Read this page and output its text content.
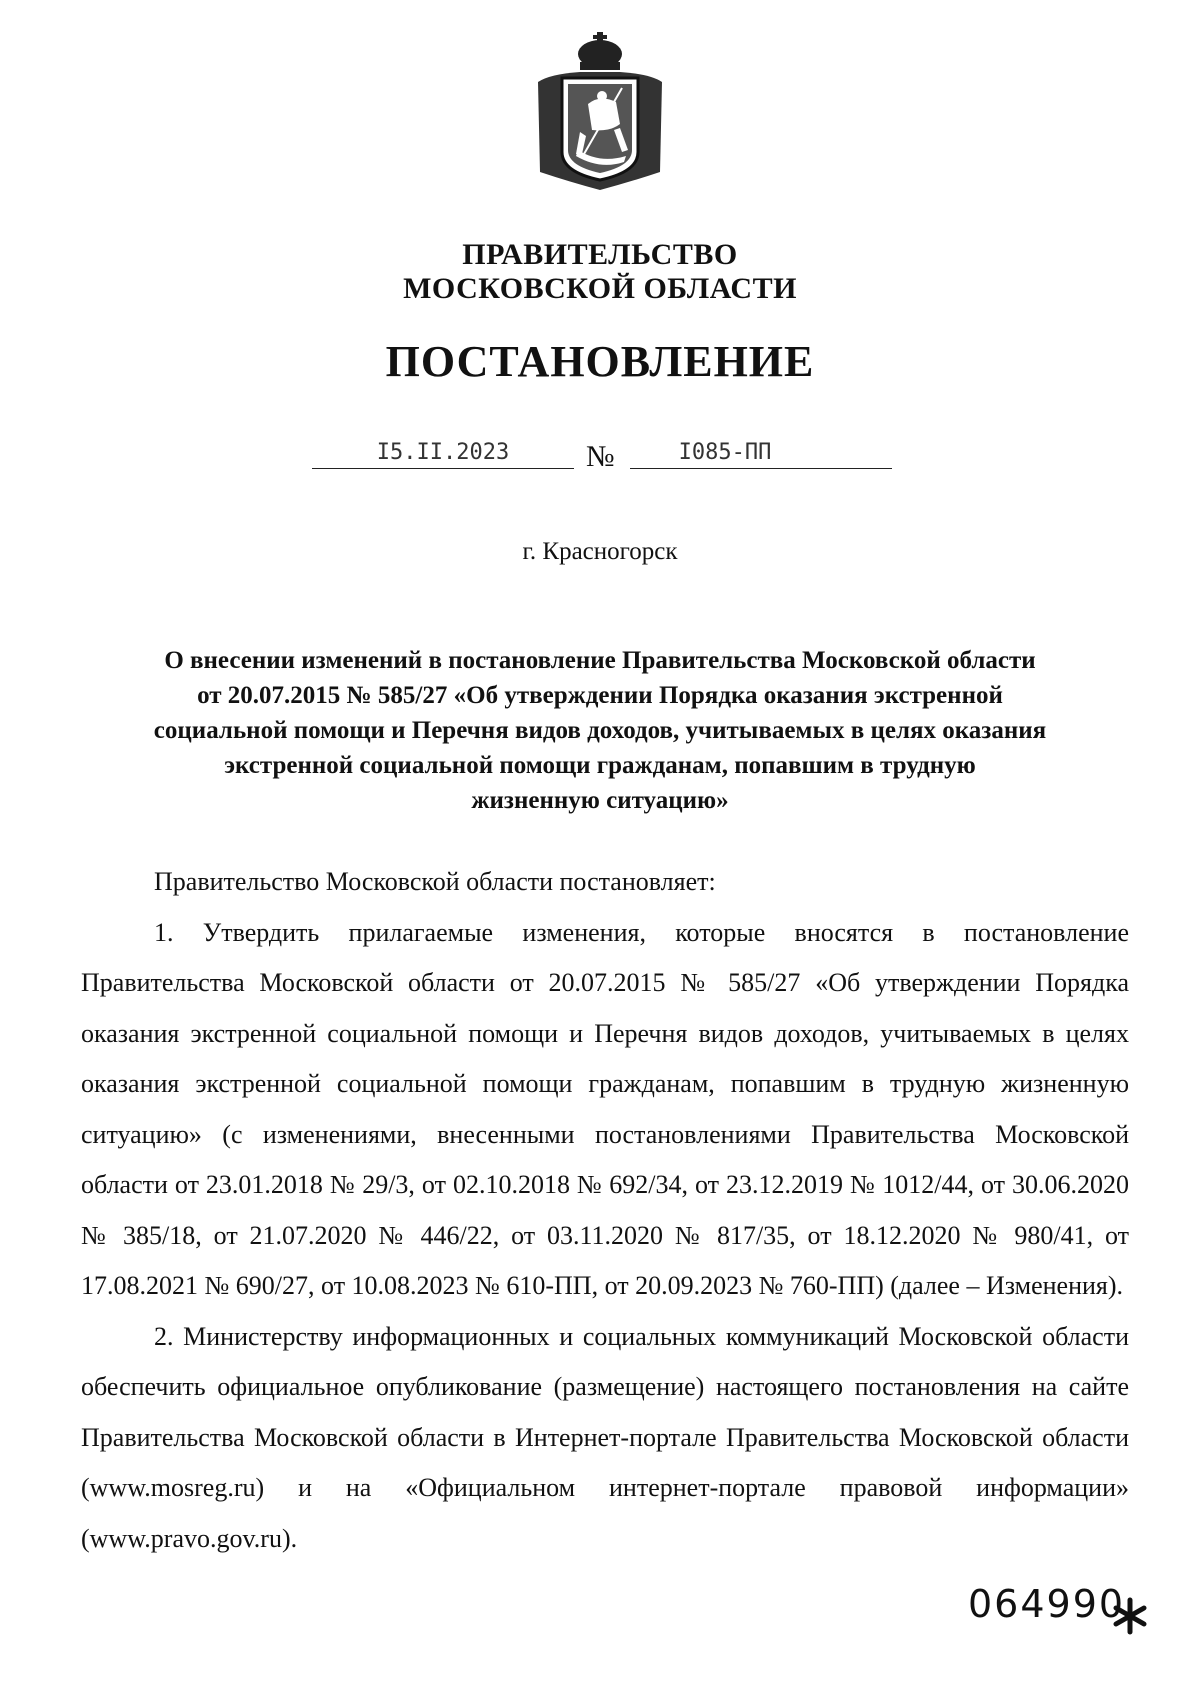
ПРАВИТЕЛЬСТВО
МОСКОВСКОЙ ОБЛАСТИ
ПОСТАНОВЛЕНИЕ
I5.II.2023	№	I085-ПП
г. Красногорск

О внесении изменений в постановление Правительства Московской области

от 20.07.2015 № 585/27 «Об утверждении Порядка оказания экстренной

социальной помощи и Перечня видов доходов, учитываемых в целях оказания

экстренной социальной помощи гражданам, попавшим в трудную

жизненную ситуацию»

Правительство Московской области постановляет:

1. Утвердить прилагаемые изменения, которые вносятся в постановление Правительства Московской области от 20.07.2015 № 585/27 «Об утверждении Порядка оказания экстренной социальной помощи и Перечня видов доходов, учитываемых в целях оказания экстренной социальной помощи гражданам, попавшим в трудную жизненную ситуацию» (с изменениями, внесенными постановлениями Правительства Московской области от 23.01.2018 № 29/3, от 02.10.2018 № 692/34, от 23.12.2019 № 1012/44, от 30.06.2020 № 385/18, от 21.07.2020 № 446/22, от 03.11.2020 № 817/35, от 18.12.2020 № 980/41, от 17.08.2021 № 690/27, от 10.08.2023 № 610-ПП, от 20.09.2023 № 760-ПП) (далее – Изменения).

2. Министерству информационных и социальных коммуникаций Московской области обеспечить официальное опубликование (размещение) настоящего постановления на сайте Правительства Московской области в Интернет-портале Правительства Московской области (www.mosreg.ru) и на «Официальном интернет-портале правовой информации» (www.pravo.gov.ru).

064990
